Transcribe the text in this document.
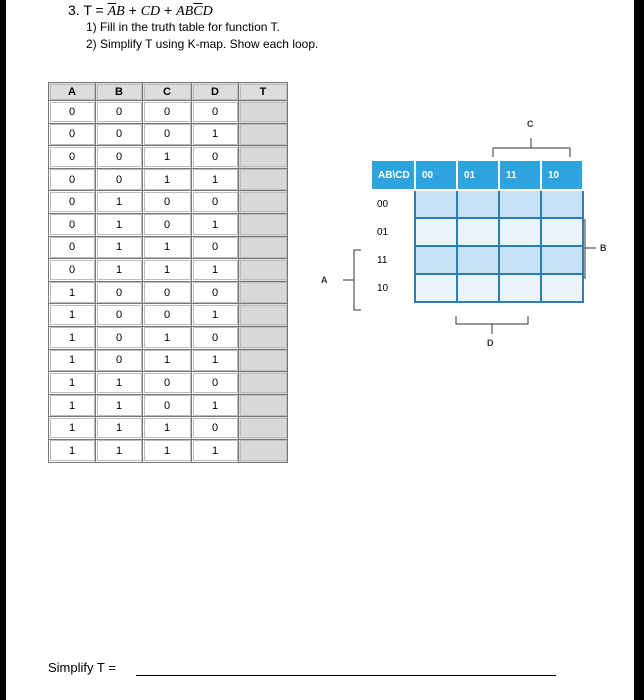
3. $T = \overline{A}B$ + CD + $AB\overline{C}D$
1) Fill in the truth table for function T.
2) Simplify T using K-map. Show each loop.
A	B	C	D	T
0	0	0	0	
0	0	0	1	
0	0	1	0	
0	0	1	1	
0	1	0	0	
0	1	0	1	
0	1	1	0	
0	1	1	1	
1	0	0	0	
1	0	0	1	
1	0	1	0	
1	0	1	1	
1	1	0	0	
1	1	0	1	
1	1	1	0	
1	1	1	1	
C
B
A
D
AB\CD	00	01	11	10
00				
01				
11				
10				
Simplify T =
